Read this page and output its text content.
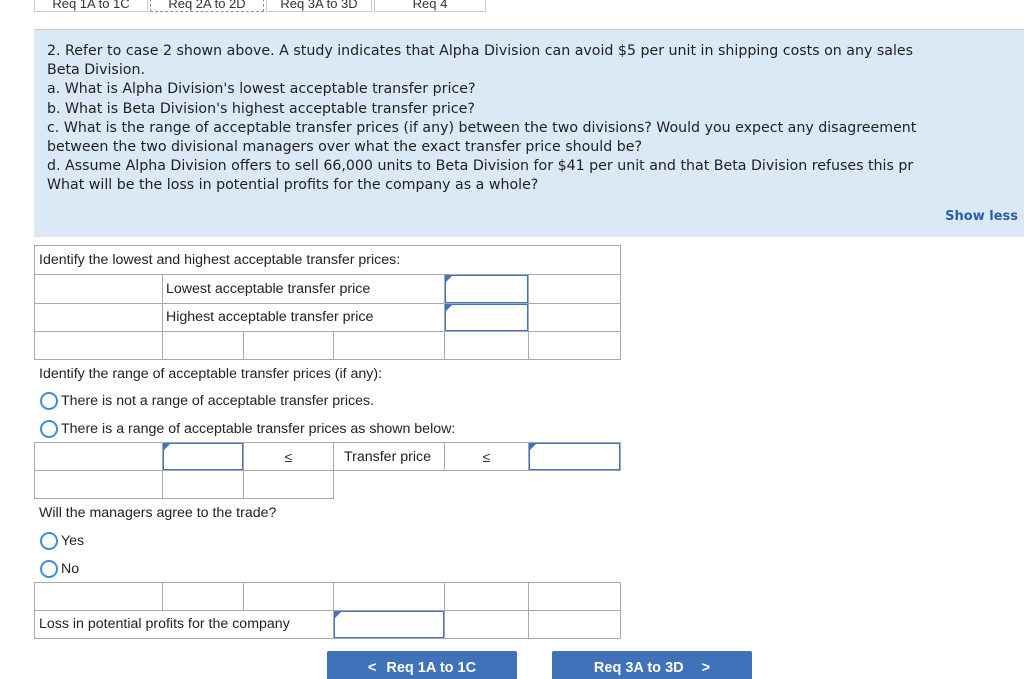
Req 1A to 1C	Req 2A to 2D	Req 3A to 3D	Req 4
2. Refer to case 2 shown above. A study indicates that Alpha Division can avoid $5 per unit in shipping costs on any sales
Beta Division.
a. What is Alpha Division's lowest acceptable transfer price?
b. What is Beta Division's highest acceptable transfer price?
c. What is the range of acceptable transfer prices (if any) between the two divisions? Would you expect any disagreement
between the two divisional managers over what the exact transfer price should be?
d. Assume Alpha Division offers to sell 66,000 units to Beta Division for $41 per unit and that Beta Division refuses this pr
What will be the loss in potential profits for the company as a whole?
Show less
Identify the lowest and highest acceptable transfer prices:
Lowest acceptable transfer price
Highest acceptable transfer price
Identify the range of acceptable transfer prices (if any):
There is not a range of acceptable transfer prices.
There is a range of acceptable transfer prices as shown below:
≤	Transfer price	≤
Will the managers agree to the trade?
Yes
No
Loss in potential profits for the company
< Req 1A to 1C	Req 3A to 3D >
